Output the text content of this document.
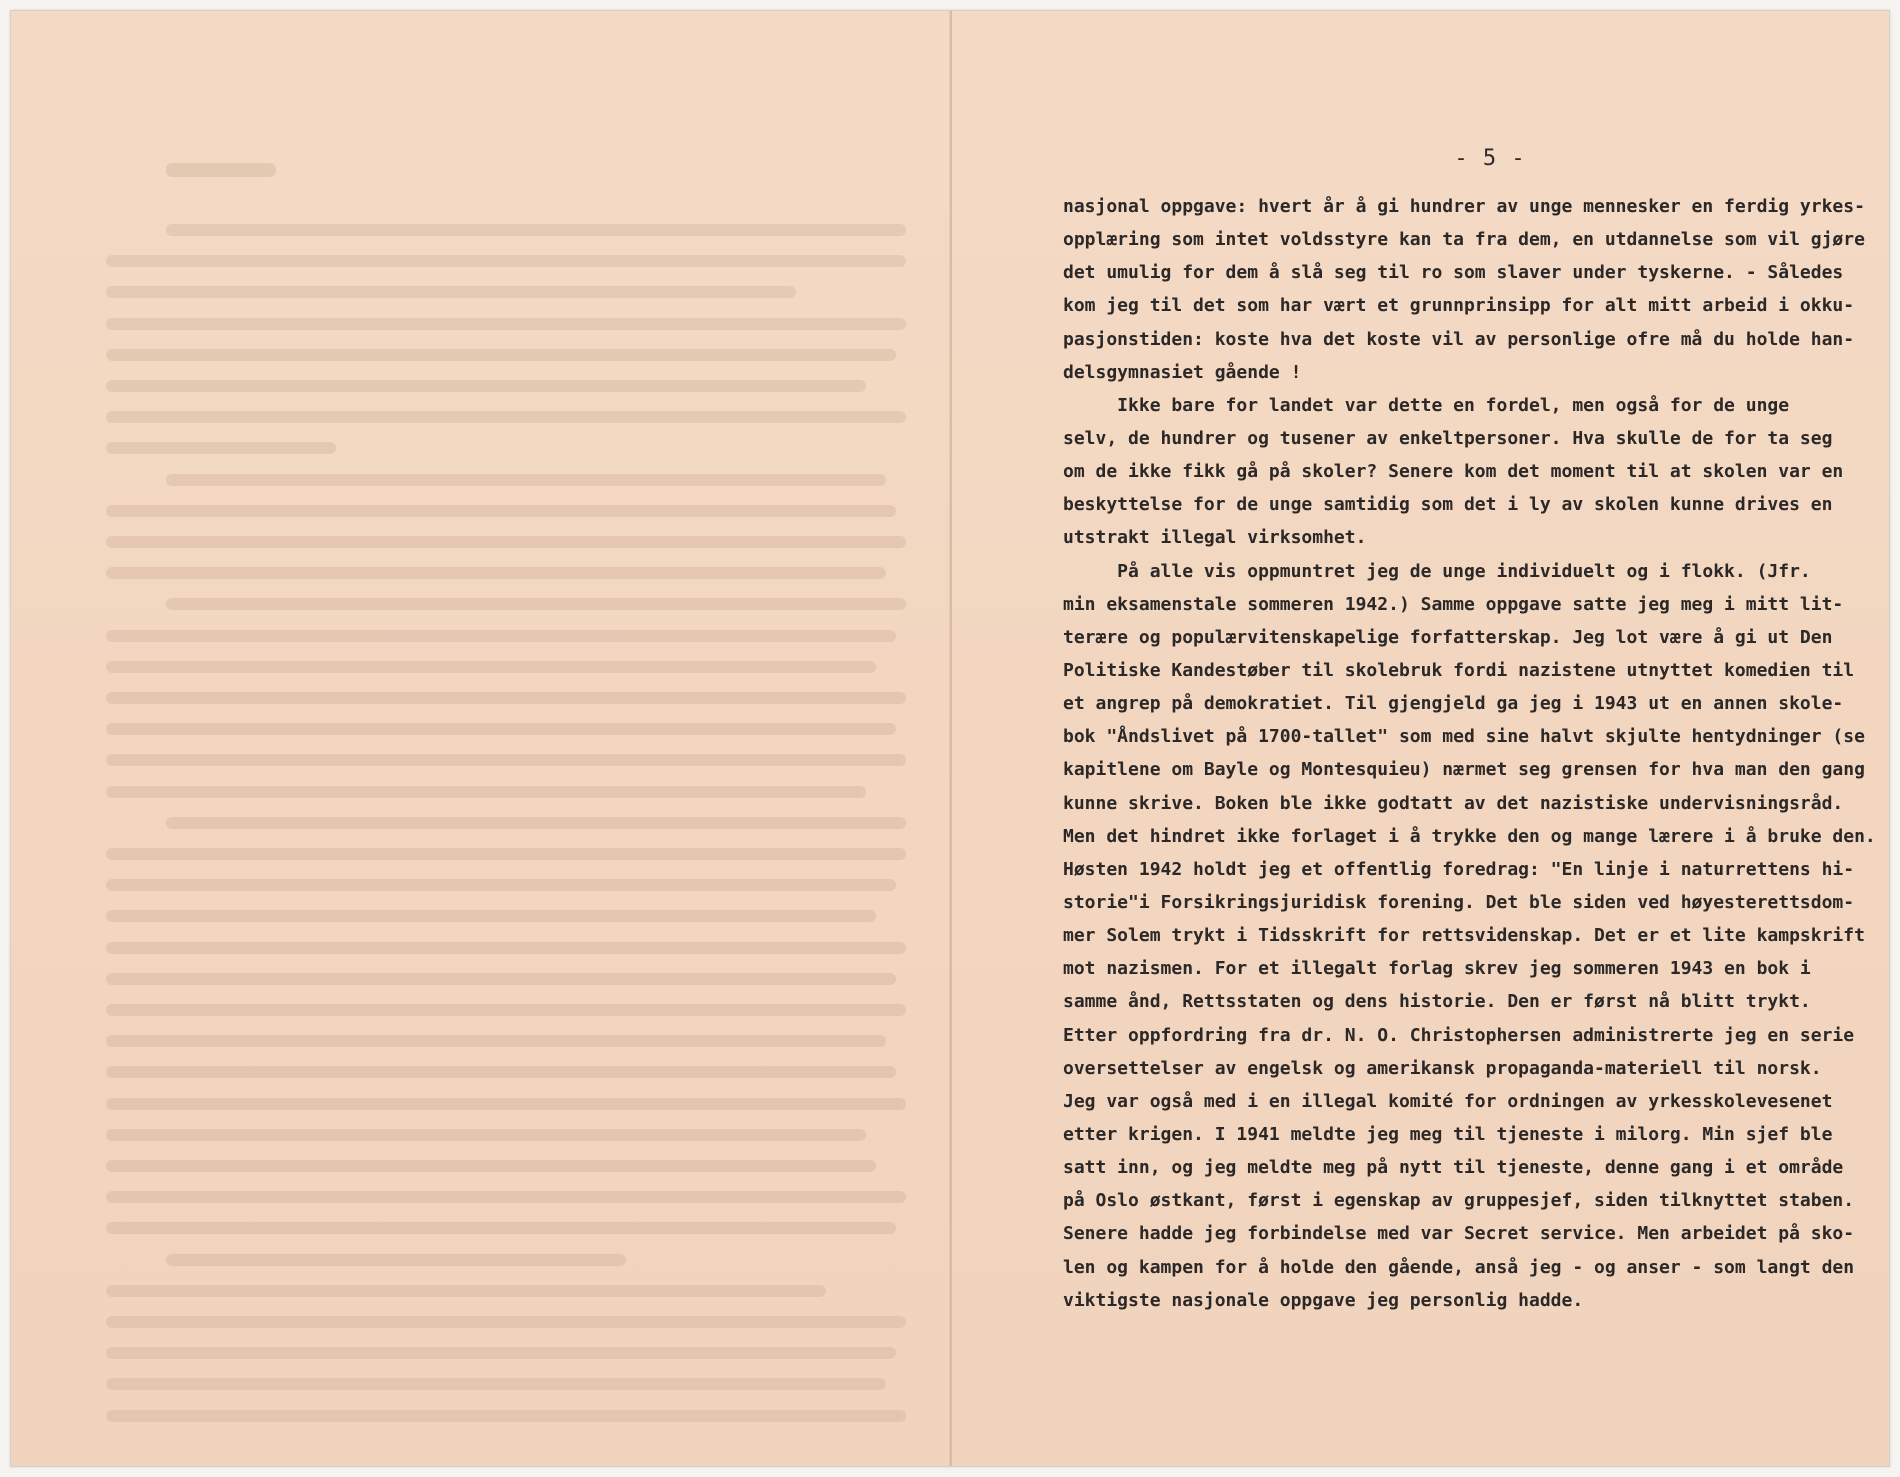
- 5 -
nasjonal oppgave: hvert år å gi hundrer av unge mennesker en ferdig yrkes-
opplæring som intet voldsstyre kan ta fra dem, en utdannelse som vil gjøre
det umulig for dem å slå seg til ro som slaver under tyskerne. - Således
kom jeg til det som har vært et grunnprinsipp for alt mitt arbeid i okku-
pasjonstiden: koste hva det koste vil av personlige ofre må du holde han-
delsgymnasiet gående !
Ikke bare for landet var dette en fordel, men også for de unge
selv, de hundrer og tusener av enkeltpersoner. Hva skulle de for ta seg
om de ikke fikk gå på skoler? Senere kom det moment til at skolen var en
beskyttelse for de unge samtidig som det i ly av skolen kunne drives en
utstrakt illegal virksomhet.
På alle vis oppmuntret jeg de unge individuelt og i flokk. (Jfr.
min eksamenstale sommeren 1942.) Samme oppgave satte jeg meg i mitt lit-
terære og populærvitenskapelige forfatterskap. Jeg lot være å gi ut Den
Politiske Kandestøber til skolebruk fordi nazistene utnyttet komedien til
et angrep på demokratiet. Til gjengjeld ga jeg i 1943 ut en annen skole-
bok "Åndslivet på 1700-tallet" som med sine halvt skjulte hentydninger (se
kapitlene om Bayle og Montesquieu) nærmet seg grensen for hva man den gang
kunne skrive. Boken ble ikke godtatt av det nazistiske undervisningsråd.
Men det hindret ikke forlaget i å trykke den og mange lærere i å bruke den.
Høsten 1942 holdt jeg et offentlig foredrag: "En linje i naturrettens hi-
storie"i Forsikringsjuridisk forening. Det ble siden ved høyesterettsdom-
mer Solem trykt i Tidsskrift for rettsvidenskap. Det er et lite kampskrift
mot nazismen. For et illegalt forlag skrev jeg sommeren 1943 en bok i
samme ånd, Rettsstaten og dens historie. Den er først nå blitt trykt.
Etter oppfordring fra dr. N. O. Christophersen administrerte jeg en serie
oversettelser av engelsk og amerikansk propaganda-materiell til norsk.
Jeg var også med i en illegal komité for ordningen av yrkesskolevesenet
etter krigen. I 1941 meldte jeg meg til tjeneste i milorg. Min sjef ble
satt inn, og jeg meldte meg på nytt til tjeneste, denne gang i et område
på Oslo østkant, først i egenskap av gruppesjef, siden tilknyttet staben.
Senere hadde jeg forbindelse med var Secret service. Men arbeidet på sko-
len og kampen for å holde den gående, anså jeg - og anser - som langt den
viktigste nasjonale oppgave jeg personlig hadde.
